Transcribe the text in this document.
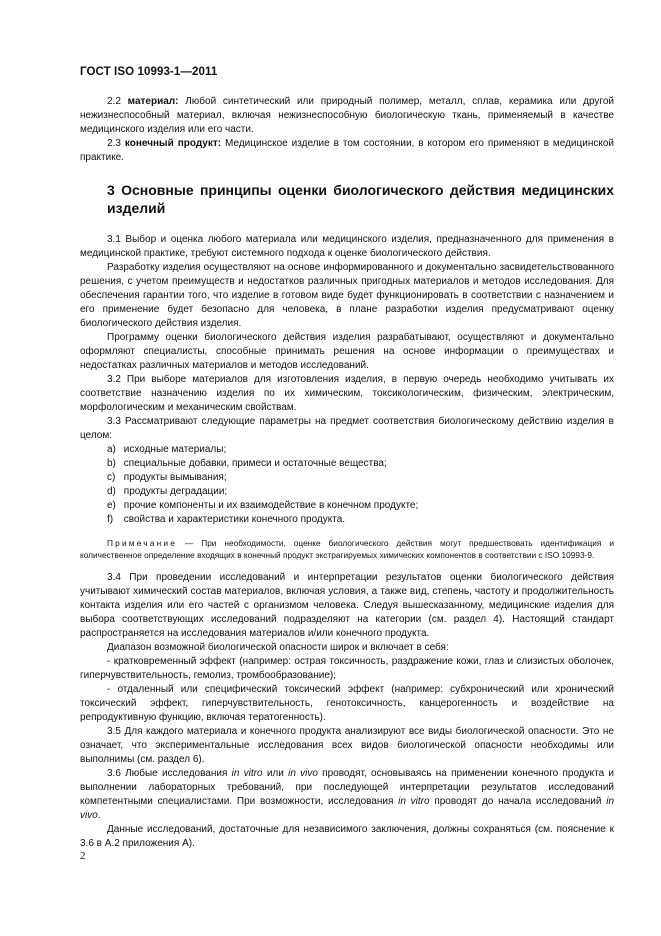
ГОСТ ISO 10993-1—2011

2.2 материал: Любой синтетический или природный полимер, металл, сплав, керамика или другой нежизнеспособный материал, включая нежизнеспособную биологическую ткань, применяемый в качестве медицинского изделия или его части.

2.3 конечный продукт: Медицинское изделие в том состоянии, в котором его применяют в медицинской практике.

3 Основные принципы оценки биологического действия медицинских изделий

3.1 Выбор и оценка любого материала или медицинского изделия, предназначенного для применения в медицинской практике, требуют системного подхода к оценке биологического действия.

Разработку изделия осуществляют на основе информированного и документально засвидетельствованного решения, с учетом преимуществ и недостатков различных пригодных материалов и методов исследования. Для обеспечения гарантии того, что изделие в готовом виде будет функционировать в соответствии с назначением и его применение будет безопасно для человека, в плане разработки изделия предусматривают оценку биологического действия изделия.

Программу оценки биологического действия изделия разрабатывают, осуществляют и документально оформляют специалисты, способные принимать решения на основе информации о преимуществах и недостатках различных материалов и методов исследований.

3.2 При выборе материалов для изготовления изделия, в первую очередь необходимо учитывать их соответствие назначению изделия по их химическим, токсикологическим, физическим, электрическим, морфологическим и механическим свойствам.

3.3 Рассматривают следующие параметры на предмет соответствия биологическому действию изделия в целом:

а) исходные материалы;

b) специальные добавки, примеси и остаточные вещества;

с) продукты вымывания;

d) продукты деградации;

е) прочие компоненты и их взаимодействие в конечном продукте;

f) свойства и характеристики конечного продукта.

Примечание — При необходимости, оценке биологического действия могут предшествовать идентификация и количественное определение входящих в конечный продукт экстрагируемых химических компонентов в соответствии с ISO 10993-9.

3.4 При проведении исследований и интерпретации результатов оценки биологического действия учитывают химический состав материалов, включая условия, а также вид, степень, частоту и продолжительность контакта изделия или его частей с организмом человека. Следуя вышесказанному, медицинские изделия для выбора соответствующих исследований подразделяют на категории (см. раздел 4). Настоящий стандарт распространяется на исследования материалов и/или конечного продукта.

Диапазон возможной биологической опасности широк и включает в себя:

- кратковременный эффект (например: острая токсичность, раздражение кожи, глаз и слизистых оболочек, гиперчувствительность, гемолиз, тромбообразование);

- отдаленный или специфический токсический эффект (например: субхронический или хронический токсический эффект, гиперчувствительность, генотоксичность, канцерогенность и воздействие на репродуктивную функцию, включая тератогенность).

3.5 Для каждого материала и конечного продукта анализируют все виды биологической опасности. Это не означает, что экспериментальные исследования всех видов биологической опасности необходимы или выполнимы (см. раздел 6).

3.6 Любые исследования in vitro или in vivo проводят, основываясь на применении конечного продукта и выполнении лабораторных требований, при последующей интерпретации результатов исследований компетентными специалистами. При возможности, исследования in vitro проводят до начала исследований in vivo.

Данные исследований, достаточные для независимого заключения, должны сохраняться (см. пояснение к 3.6 в А.2 приложения А).

2
